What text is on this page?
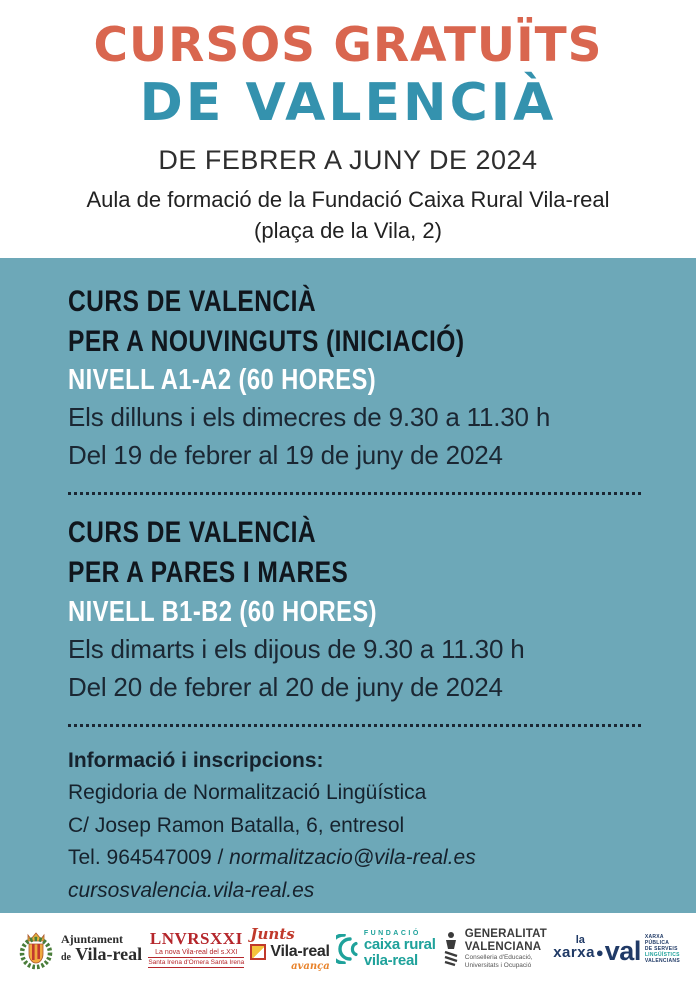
CURSOS GRATUÏTS
DE VALENCIÀ
DE FEBRER A JUNY DE 2024
Aula de formació de la Fundació Caixa Rural Vila-real
(plaça de la Vila, 2)
CURS DE VALENCIÀ
PER A NOUVINGUTS (INICIACIÓ)
NIVELL A1-A2 (60 HORES)
Els dilluns i els dimecres de 9.30 a 11.30 h
Del 19 de febrer al 19 de juny de 2024
CURS DE VALENCIÀ
PER A PARES I MARES
NIVELL B1-B2 (60 HORES)
Els dimarts i els dijous de 9.30 a 11.30 h
Del 20 de febrer al 20 de juny de 2024
Informació i inscripcions:
Regidoria de Normalització Lingüística
C/ Josep Ramon Batalla, 6, entresol
Tel. 964547009 / normalitzacio@vila-real.es
cursosvalencia.vila-real.es
Ajuntament
de Vila-real
LNVRSXXI
La nova Vila-real del s.XXI
Santa Irena d'Ornera Santa Irena
Junts
Vila-real
avança
FUNDACIÓ
caixa rural
vila-real
GENERALITAT
VALENCIANA
Conselleria d'Educació,
Universitats i Ocupació
la
xarxa ● val XARXA
PÚBLICA
DE SERVEIS
LINGÜÍSTICS
VALENCIANS
